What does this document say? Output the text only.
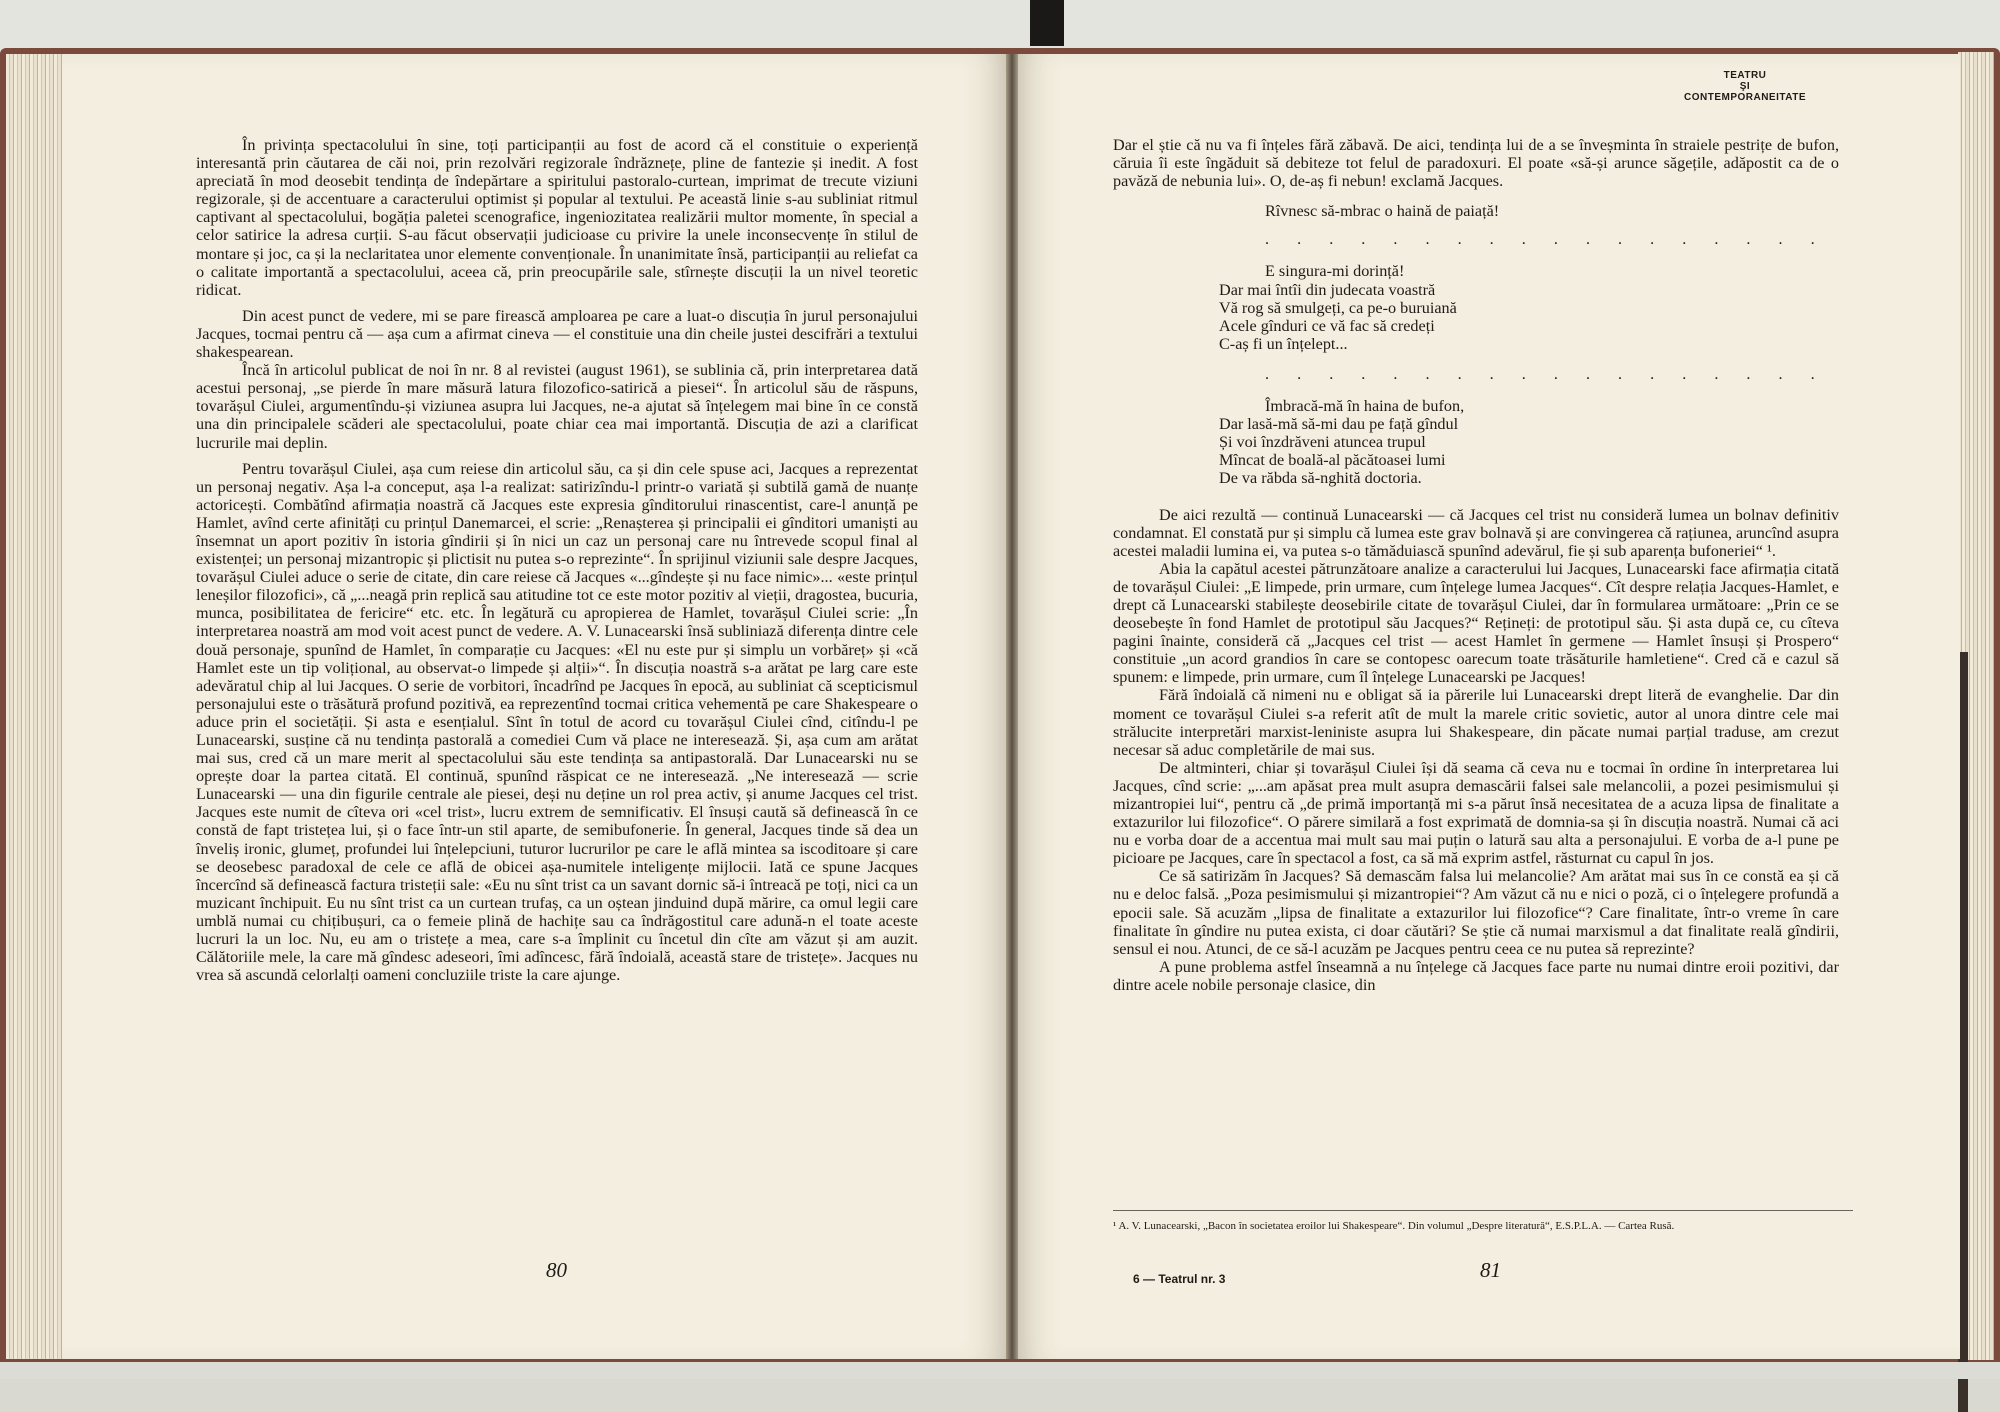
În privința spectacolului în sine, toți participanții au fost de acord că el constituie o experiență interesantă prin căutarea de căi noi, prin rezolvări regizorale îndrăznețe, pline de fantezie și inedit. A fost apreciată în mod deosebit tendința de îndepărtare a spiritului pastoralo-curtean, imprimat de trecute viziuni regizorale, și de accentuare a caracterului optimist și popular al textului. Pe această linie s-au subliniat ritmul captivant al spectacolului, bogăția paletei scenografice, ingeniozitatea realizării multor momente, în special a celor satirice la adresa curții. S-au făcut observații judicioase cu privire la unele inconsecvențe în stilul de montare și joc, ca și la neclaritatea unor elemente convenționale. În unanimitate însă, participanții au reliefat ca o calitate importantă a spectacolului, aceea că, prin preocupările sale, stîrnește discuții la un nivel teoretic ridicat.

Din acest punct de vedere, mi se pare firească amploarea pe care a luat-o discuția în jurul personajului Jacques, tocmai pentru că — așa cum a afirmat cineva — el constituie una din cheile justei descifrări a textului shakespearean.

Încă în articolul publicat de noi în nr. 8 al revistei (august 1961), se sublinia că, prin interpretarea dată acestui personaj, „se pierde în mare măsură latura filozofico-satirică a piesei“. În articolul său de răspuns, tovarășul Ciulei, argumentîndu-și viziunea asupra lui Jacques, ne-a ajutat să înțelegem mai bine în ce constă una din principalele scăderi ale spectacolului, poate chiar cea mai importantă. Discuția de azi a clarificat lucrurile mai deplin.

Pentru tovarășul Ciulei, așa cum reiese din articolul său, ca și din cele spuse aci, Jacques a reprezentat un personaj negativ. Așa l-a conceput, așa l-a realizat: satirizîndu-l printr-o variată și subtilă gamă de nuanțe actoricești. Combătînd afirmația noastră că Jacques este expresia gînditorului rinascentist, care-l anunță pe Hamlet, avînd certe afinități cu prințul Danemarcei, el scrie: „Renașterea și principalii ei gînditori umaniști au însemnat un aport pozitiv în istoria gîndirii și în nici un caz un personaj care nu întrevede scopul final al existenței; un personaj mizantropic și plictisit nu putea s-o reprezinte“. În sprijinul viziunii sale despre Jacques, tovarășul Ciulei aduce o serie de citate, din care reiese că Jacques «...gîndește și nu face nimic»... «este prințul leneșilor filozofici», că „...neagă prin replică sau atitudine tot ce este motor pozitiv al vieții, dragostea, bucuria, munca, posibilitatea de fericire“ etc. etc. În legătură cu apropierea de Hamlet, tovarășul Ciulei scrie: „În interpretarea noastră am mod voit acest punct de vedere. A. V. Lunacearski însă subliniază diferența dintre cele două personaje, spunînd de Hamlet, în comparație cu Jacques: «El nu este pur și simplu un vorbăreț» și «că Hamlet este un tip volițional, au observat-o limpede și alții»“. În discuția noastră s-a arătat pe larg care este adevăratul chip al lui Jacques. O serie de vorbitori, încadrînd pe Jacques în epocă, au subliniat că scepticismul personajului este o trăsătură profund pozitivă, ea reprezentînd tocmai critica vehementă pe care Shakespeare o aduce prin el societății. Și asta e esențialul. Sînt în totul de acord cu tovarășul Ciulei cînd, citîndu-l pe Lunacearski, susține că nu tendința pastorală a comediei Cum vă place ne interesează. Și, așa cum am arătat mai sus, cred că un mare merit al spectacolului său este tendința sa antipastorală. Dar Lunacearski nu se oprește doar la partea citată. El continuă, spunînd răspicat ce ne interesează. „Ne interesează — scrie Lunacearski — una din figurile centrale ale piesei, deși nu deține un rol prea activ, și anume Jacques cel trist. Jacques este numit de cîteva ori «cel trist», lucru extrem de semnificativ. El însuși caută să definească în ce constă de fapt tristețea lui, și o face într-un stil aparte, de semibufonerie. În general, Jacques tinde să dea un înveliș ironic, glumeț, profundei lui înțelepciuni, tuturor lucrurilor pe care le află mintea sa iscoditoare și care se deosebesc paradoxal de cele ce află de obicei așa-numitele inteligențe mijlocii. Iată ce spune Jacques încercînd să definească factura tristeții sale: «Eu nu sînt trist ca un savant dornic să-i întreacă pe toți, nici ca un muzicant închipuit. Eu nu sînt trist ca un curtean trufaș, ca un oștean jinduind după mărire, ca omul legii care umblă numai cu chițibușuri, ca o femeie plină de hachițe sau ca îndrăgostitul care adună-n el toate aceste lucruri la un loc. Nu, eu am o tristețe a mea, care s-a împlinit cu încetul din cîte am văzut și am auzit. Călătoriile mele, la care mă gîndesc adeseori, îmi adîncesc, fără îndoială, această stare de tristețe». Jacques nu vrea să ascundă celorlalți oameni concluziile triste la care ajunge.

80
TEATRU
ŞI
CONTEMPORANEITATE

Dar el știe că nu va fi înțeles fără zăbavă. De aici, tendința lui de a se înveșminta în straiele pestrițe de bufon, căruia îi este îngăduit să debiteze tot felul de paradoxuri. El poate «să-și arunce săgețile, adăpostit ca de o pavăză de nebunia lui». O, de-aș fi nebun! exclamă Jacques.

Rîvnesc să-mbrac o haină de paiață!

. . . . . . . . . . . . . . . . . .

E singura-mi dorință!
Dar mai întîi din judecata voastră
Vă rog să smulgeți, ca pe-o buruiană
Acele gînduri ce vă fac să credeți
C-aș fi un înțelept...

. . . . . . . . . . . . . . . . . .

Îmbracă-mă în haina de bufon,
Dar lasă-mă să-mi dau pe față gîndul
Și voi înzdrăveni atuncea trupul
Mîncat de boală-al păcătoasei lumi
De va răbda să-nghită doctoria.

De aici rezultă — continuă Lunacearski — că Jacques cel trist nu consideră lumea un bolnav definitiv condamnat. El constată pur și simplu că lumea este grav bolnavă și are convingerea că rațiunea, aruncînd asupra acestei maladii lumina ei, va putea s-o tămăduiască spunînd adevărul, fie și sub aparența bufoneriei“ ¹.

Abia la capătul acestei pătrunzătoare analize a caracterului lui Jacques, Lunacearski face afirmația citată de tovarășul Ciulei: „E limpede, prin urmare, cum înțelege lumea Jacques“. Cît despre relația Jacques-Hamlet, e drept că Lunacearski stabilește deosebirile citate de tovarășul Ciulei, dar în formularea următoare: „Prin ce se deosebește în fond Hamlet de prototipul său Jacques?“ Rețineți: de prototipul său. Și asta după ce, cu cîteva pagini înainte, consideră că „Jacques cel trist — acest Hamlet în germene — Hamlet însuși și Prospero“ constituie „un acord grandios în care se contopesc oarecum toate trăsăturile hamletiene“. Cred că e cazul să spunem: e limpede, prin urmare, cum îl înțelege Lunacearski pe Jacques!

Fără îndoială că nimeni nu e obligat să ia părerile lui Lunacearski drept literă de evanghelie. Dar din moment ce tovarășul Ciulei s-a referit atît de mult la marele critic sovietic, autor al unora dintre cele mai strălucite interpretări marxist-leniniste asupra lui Shakespeare, din păcate numai parțial traduse, am crezut necesar să aduc completările de mai sus.

De altminteri, chiar și tovarășul Ciulei își dă seama că ceva nu e tocmai în ordine în interpretarea lui Jacques, cînd scrie: „...am apăsat prea mult asupra demascării falsei sale melancolii, a pozei pesimismului și mizantropiei lui“, pentru că „de primă importanță mi s-a părut însă necesitatea de a acuza lipsa de finalitate a extazurilor lui filozofice“. O părere similară a fost exprimată de domnia-sa și în discuția noastră. Numai că aci nu e vorba doar de a accentua mai mult sau mai puțin o latură sau alta a personajului. E vorba de a-l pune pe picioare pe Jacques, care în spectacol a fost, ca să mă exprim astfel, răsturnat cu capul în jos.

Ce să satirizăm în Jacques? Să demascăm falsa lui melancolie? Am arătat mai sus în ce constă ea și că nu e deloc falsă. „Poza pesimismului și mizantropiei“? Am văzut că nu e nici o poză, ci o înțelegere profundă a epocii sale. Să acuzăm „lipsa de finalitate a extazurilor lui filozofice“? Care finalitate, într-o vreme în care finalitate în gîndire nu putea exista, ci doar căutări? Se știe că numai marxismul a dat finalitate reală gîndirii, sensul ei nou. Atunci, de ce să-l acuzăm pe Jacques pentru ceea ce nu putea să reprezinte?

A pune problema astfel înseamnă a nu înțelege că Jacques face parte nu numai dintre eroii pozitivi, dar dintre acele nobile personaje clasice, din

¹ A. V. Lunacearski, „Bacon în societatea eroilor lui Shakespeare“. Din volumul „Despre literatură“, E.S.P.L.A. — Cartea Rusă.
6 — Teatrul nr. 3	81
